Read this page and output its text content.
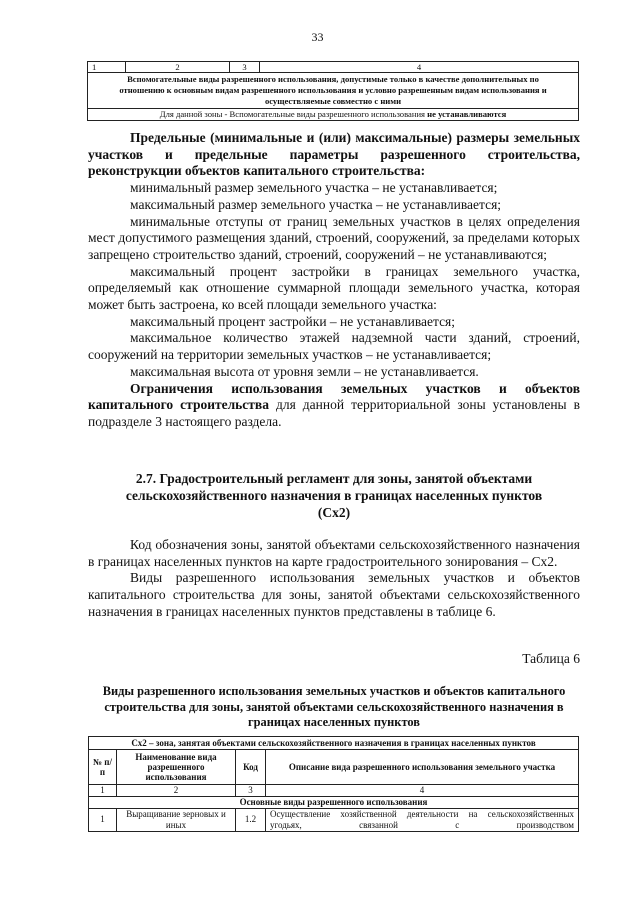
33
1	2	3	4
Вспомогательные виды разрешенного использования, допустимые только в качестве дополнительных по отношению к основным видам разрешенного использования и условно разрешенным видам использования и осуществляемые совместно с ними
Для данной зоны - Вспомогательные виды разрешенного использования не устанавливаются

Предельные (минимальные и (или) максимальные) размеры земельных участков и предельные параметры разрешенного строительства, реконструкции объектов капитального строительства:

минимальный размер земельного участка – не устанавливается;

максимальный размер земельного участка – не устанавливается;

минимальные отступы от границ земельных участков в целях определения мест допустимого размещения зданий, строений, сооружений, за пределами которых запрещено строительство зданий, строений, сооружений – не устанавливаются;

максимальный процент застройки в границах земельного участка, определяемый как отношение суммарной площади земельного участка, которая может быть застроена, ко всей площади земельного участка:

максимальный процент застройки – не устанавливается;

максимальное количество этажей надземной части зданий, строений, сооружений на территории земельных участков – не устанавливается;

максимальная высота от уровня земли – не устанавливается.

Ограничения использования земельных участков и объектов капитального строительства для данной территориальной зоны установлены в подразделе 3 настоящего раздела.

2.7. Градостроительный регламент для зоны, занятой объектами сельскохозяйственного назначения в границах населенных пунктов
(Сх2)

Код обозначения зоны, занятой объектами сельскохозяйственного назначения в границах населенных пунктов на карте градостроительного зонирования – Сх2.

Виды разрешенного использования земельных участков и объектов капитального строительства для зоны, занятой объектами сельскохозяйственного назначения в границах населенных пунктов представлены в таблице 6.

Таблица 6
Виды разрешенного использования земельных участков и объектов капитального строительства для зоны, занятой объектами сельскохозяйственного назначения в границах населенных пунктов
Сх2 – зона, занятая объектами сельскохозяйственного назначения в границах населенных пунктов			
№ п/п	Наименование вида разрешенного использования	Код	Описание вида разрешенного использования земельного участка
1	2	3	4
Основные виды разрешенного использования			
1	Выращивание зерновых и иных	1.2	Осуществление хозяйственной деятельности на сельскохозяйственных угодьях, связанной с производством
